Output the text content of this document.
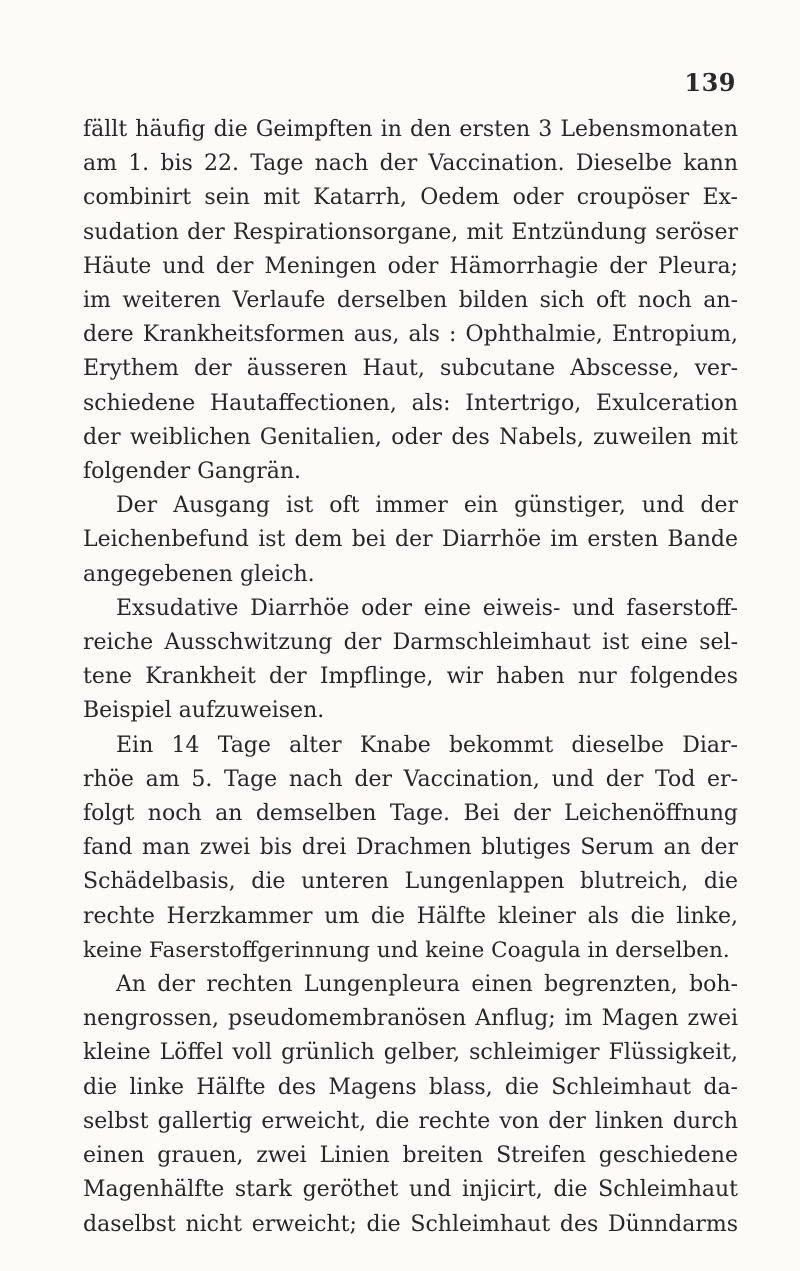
139
fällt häufig die Geimpften in den ersten 3 Lebensmonaten
am 1. bis 22. Tage nach der Vaccination. Dieselbe kann
combinirt sein mit Katarrh, Oedem oder croupöser Ex-
sudation der Respirationsorgane, mit Entzündung seröser
Häute und der Meningen oder Hämorrhagie der Pleura;
im weiteren Verlaufe derselben bilden sich oft noch an-
dere Krankheitsformen aus, als : Ophthalmie, Entropium,
Erythem der äusseren Haut, subcutane Abscesse, ver-
schiedene Hautaffectionen, als: Intertrigo, Exulceration
der weiblichen Genitalien, oder des Nabels, zuweilen mit
folgender Gangrän.
Der Ausgang ist oft immer ein günstiger, und der
Leichenbefund ist dem bei der Diarrhöe im ersten Bande
angegebenen gleich.
Exsudative Diarrhöe oder eine eiweis- und faserstoff-
reiche Ausschwitzung der Darmschleimhaut ist eine sel-
tene Krankheit der Impflinge, wir haben nur folgendes
Beispiel aufzuweisen.
Ein 14 Tage alter Knabe bekommt dieselbe Diar-
rhöe am 5. Tage nach der Vaccination, und der Tod er-
folgt noch an demselben Tage. Bei der Leichenöffnung
fand man zwei bis drei Drachmen blutiges Serum an der
Schädelbasis, die unteren Lungenlappen blutreich, die
rechte Herzkammer um die Hälfte kleiner als die linke,
keine Faserstoffgerinnung und keine Coagula in derselben.
An der rechten Lungenpleura einen begrenzten, boh-
nengrossen, pseudomembranösen Anflug; im Magen zwei
kleine Löffel voll grünlich gelber, schleimiger Flüssigkeit,
die linke Hälfte des Magens blass, die Schleimhaut da-
selbst gallertig erweicht, die rechte von der linken durch
einen grauen, zwei Linien breiten Streifen geschiedene
Magenhälfte stark geröthet und injicirt, die Schleimhaut
daselbst nicht erweicht; die Schleimhaut des Dünndarms
